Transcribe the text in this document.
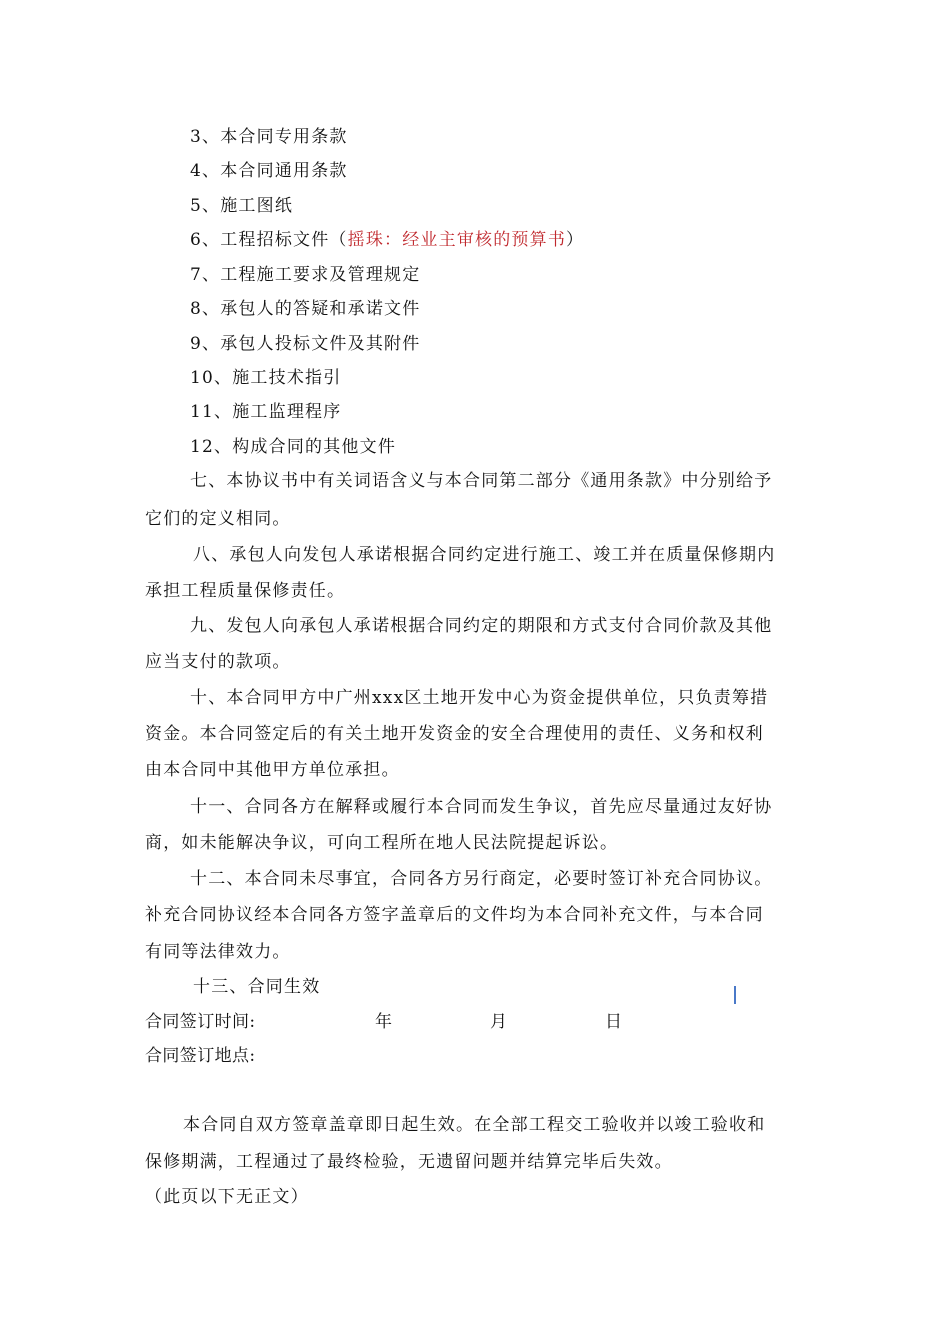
3、本合同专用条款
4、本合同通用条款
5、施工图纸
6、工程招标文件（摇珠：经业主审核的预算书）
7、工程施工要求及管理规定
8、承包人的答疑和承诺文件
9、承包人投标文件及其附件
10、施工技术指引
11、施工监理程序
12、构成合同的其他文件
七、本协议书中有关词语含义与本合同第二部分《通用条款》中分别给予
它们的定义相同。
八、承包人向发包人承诺根据合同约定进行施工、竣工并在质量保修期内
承担工程质量保修责任。
九、发包人向承包人承诺根据合同约定的期限和方式支付合同价款及其他
应当支付的款项。
十、本合同甲方中广州xxx区土地开发中心为资金提供单位，只负责筹措
资金。本合同签定后的有关土地开发资金的安全合理使用的责任、义务和权利
由本合同中其他甲方单位承担。
十一、合同各方在解释或履行本合同而发生争议，首先应尽量通过友好协
商，如未能解决争议，可向工程所在地人民法院提起诉讼。
十二、本合同未尽事宜，合同各方另行商定，必要时签订补充合同协议。
补充合同协议经本合同各方签字盖章后的文件均为本合同补充文件，与本合同
有同等法律效力。
十三、合同生效
合同签订时间:	年	月	日
合同签订地点:
本合同自双方签章盖章即日起生效。在全部工程交工验收并以竣工验收和
保修期满，工程通过了最终检验，无遗留问题并结算完毕后失效。
（此页以下无正文）
